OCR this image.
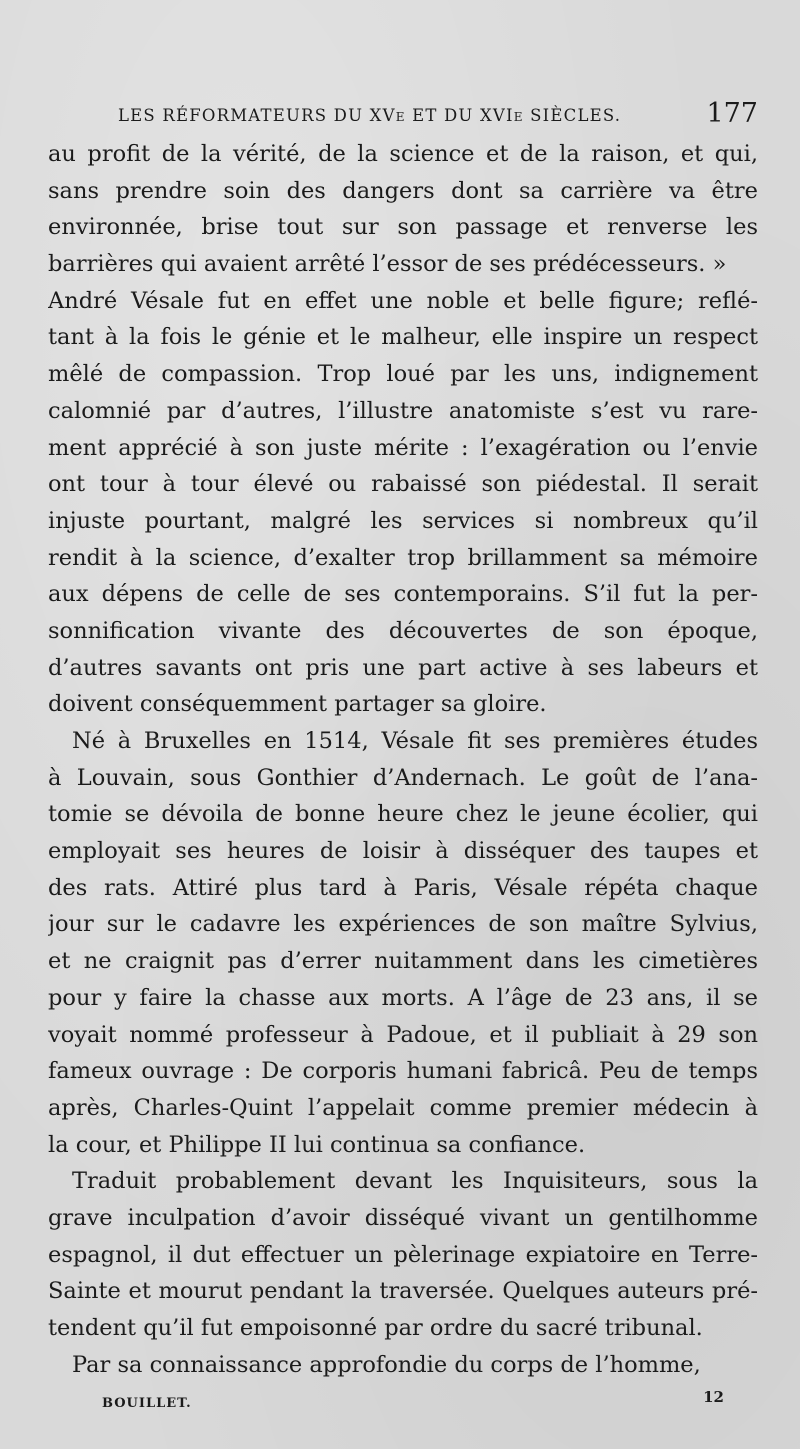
LES RÉFORMATEURS DU XVe ET DU XVIe SIÈCLES.	177
au profit de la vérité, de la science et de la raison, et qui,
sans prendre soin des dangers dont sa carrière va être
environnée, brise tout sur son passage et renverse les
barrières qui avaient arrêté l’essor de ses prédécesseurs. »
André Vésale fut en effet une noble et belle figure; reflé-
tant à la fois le génie et le malheur, elle inspire un respect
mêlé de compassion. Trop loué par les uns, indignement
calomnié par d’autres, l’illustre anatomiste s’est vu rare-
ment apprécié à son juste mérite : l’exagération ou l’envie
ont tour à tour élevé ou rabaissé son piédestal. Il serait
injuste pourtant, malgré les services si nombreux qu’il
rendit à la science, d’exalter trop brillamment sa mémoire
aux dépens de celle de ses contemporains. S’il fut la per-
sonnification vivante des découvertes de son époque,
d’autres savants ont pris une part active à ses labeurs et
doivent conséquemment partager sa gloire.
Né à Bruxelles en 1514, Vésale fit ses premières études
à Louvain, sous Gonthier d’Andernach. Le goût de l’ana-
tomie se dévoila de bonne heure chez le jeune écolier, qui
employait ses heures de loisir à disséquer des taupes et
des rats. Attiré plus tard à Paris, Vésale répéta chaque
jour sur le cadavre les expériences de son maître Sylvius,
et ne craignit pas d’errer nuitamment dans les cimetières
pour y faire la chasse aux morts. A l’âge de 23 ans, il se
voyait nommé professeur à Padoue, et il publiait à 29 son
fameux ouvrage : De corporis humani fabricâ. Peu de temps
après, Charles-Quint l’appelait comme premier médecin à
la cour, et Philippe II lui continua sa confiance.
Traduit probablement devant les Inquisiteurs, sous la
grave inculpation d’avoir disséqué vivant un gentilhomme
espagnol, il dut effectuer un pèlerinage expiatoire en Terre-
Sainte et mourut pendant la traversée. Quelques auteurs pré-
tendent qu’il fut empoisonné par ordre du sacré tribunal.
Par sa connaissance approfondie du corps de l’homme,
BOUILLET.	12
